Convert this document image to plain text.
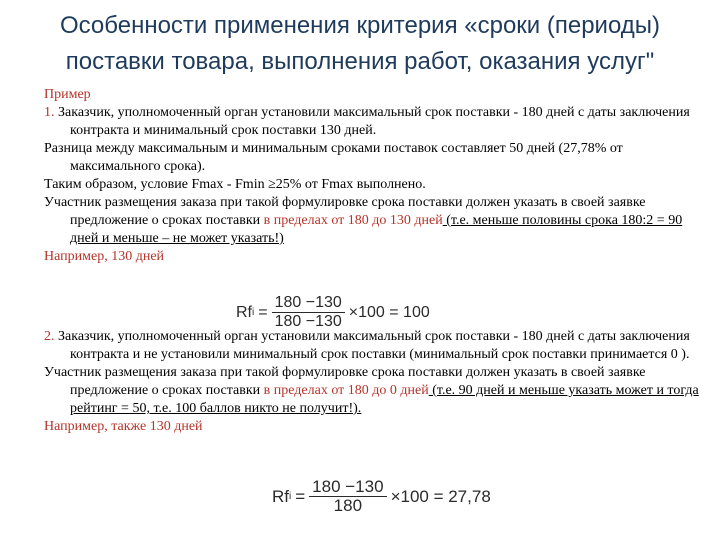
Особенности применения критерия «сроки (периоды) поставки товара, выполнения работ, оказания услуг"

Пример

1. Заказчик, уполномоченный орган установили максимальный срок поставки - 180 дней с даты заключения контракта и минимальный срок поставки 130 дней.

Разница между максимальным и минимальным сроками поставок составляет 50 дней (27,78% от максимального срока).

Таким образом, условие Fmax - Fmin ≥25% от Fmax выполнено.

Участник размещения заказа при такой формулировке срока поставки должен указать в своей заявке предложение о сроках поставки в пределах от 180 до 130 дней (т.е. меньше половины срока 180:2 = 90 дней и меньше – не может указать!)

Например, 130 дней

2. Заказчик, уполномоченный орган установили максимальный срок поставки - 180 дней с даты заключения контракта и не установили минимальный срок поставки (минимальный срок поставки принимается 0 ).

Участник размещения заказа при такой формулировке срока поставки должен указать в своей заявке предложение о сроках поставки в пределах от 180 до 0 дней (т.е. 90 дней и меньше указать может и тогда рейтинг = 50, т.е. 100 баллов никто не получит!).

Например, также 130 дней

Rf $i = \frac{180 -130}{180 -130} \times 100 = 100$
Rf $i = \frac{180 -130}{180} \times 100 = 27,78$
